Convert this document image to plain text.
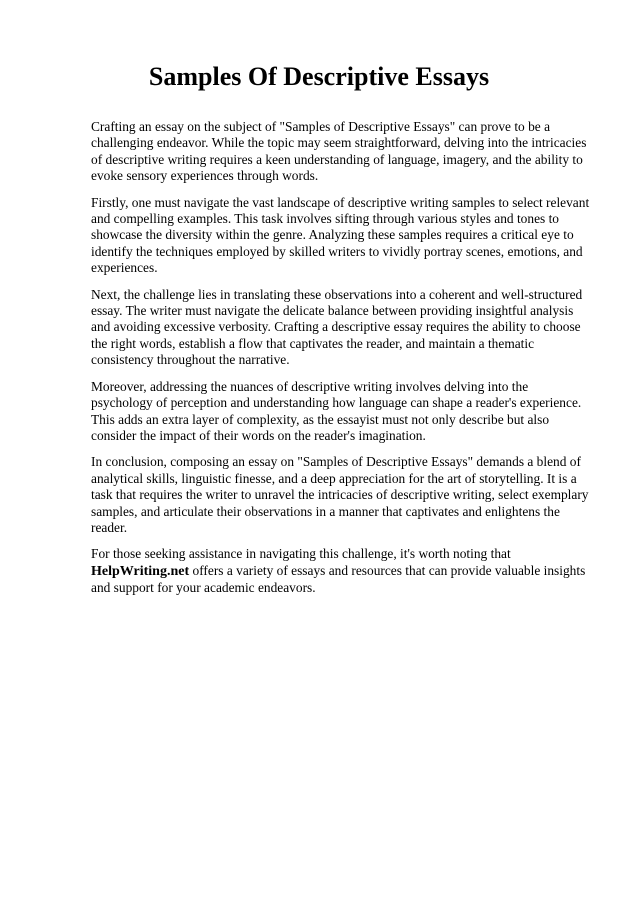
Samples Of Descriptive Essays

Crafting an essay on the subject of "Samples of Descriptive Essays" can prove to be a challenging endeavor. While the topic may seem straightforward, delving into the intricacies of descriptive writing requires a keen understanding of language, imagery, and the ability to evoke sensory experiences through words.

Firstly, one must navigate the vast landscape of descriptive writing samples to select relevant and compelling examples. This task involves sifting through various styles and tones to showcase the diversity within the genre. Analyzing these samples requires a critical eye to identify the techniques employed by skilled writers to vividly portray scenes, emotions, and experiences.

Next, the challenge lies in translating these observations into a coherent and well-structured essay. The writer must navigate the delicate balance between providing insightful analysis and avoiding excessive verbosity. Crafting a descriptive essay requires the ability to choose the right words, establish a flow that captivates the reader, and maintain a thematic consistency throughout the narrative.

Moreover, addressing the nuances of descriptive writing involves delving into the psychology of perception and understanding how language can shape a reader's experience. This adds an extra layer of complexity, as the essayist must not only describe but also consider the impact of their words on the reader's imagination.

In conclusion, composing an essay on "Samples of Descriptive Essays" demands a blend of analytical skills, linguistic finesse, and a deep appreciation for the art of storytelling. It is a task that requires the writer to unravel the intricacies of descriptive writing, select exemplary samples, and articulate their observations in a manner that captivates and enlightens the reader.

For those seeking assistance in navigating this challenge, it's worth noting that HelpWriting.net offers a variety of essays and resources that can provide valuable insights and support for your academic endeavors.
